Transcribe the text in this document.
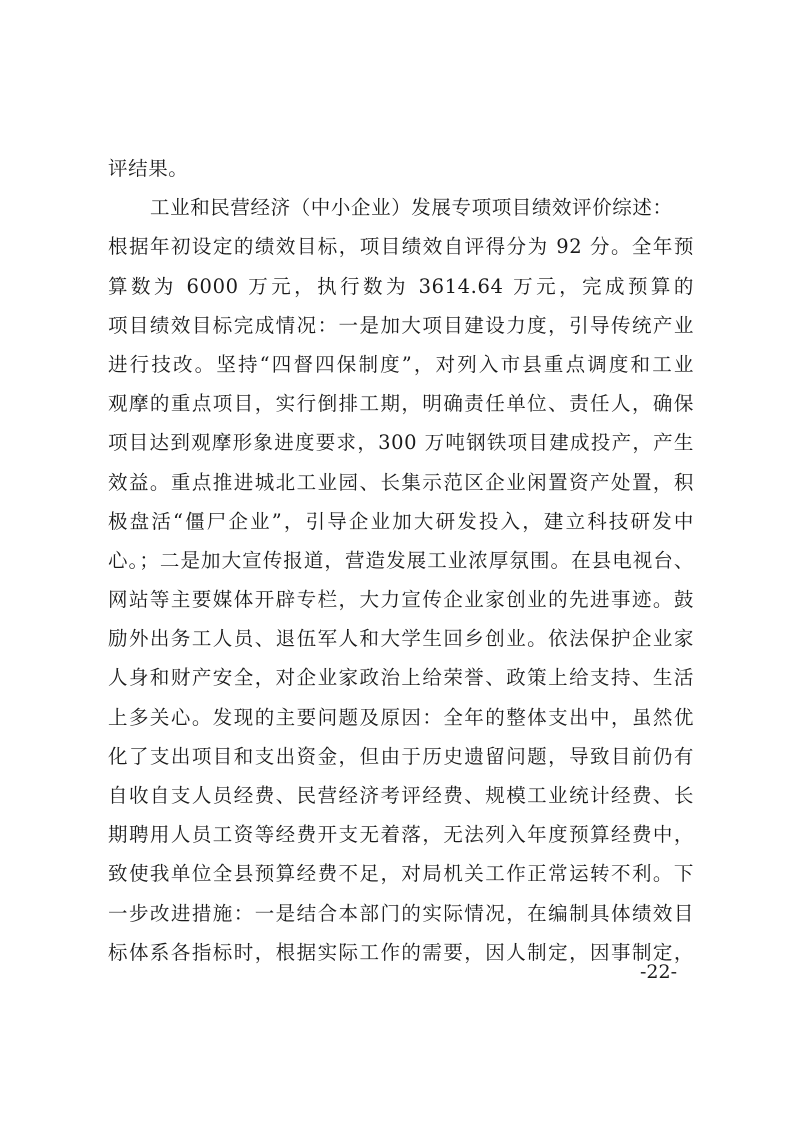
评结果。
工业和民营经济（中小企业）发展专项项目绩效评价综述：
根据年初设定的绩效目标，项目绩效自评得分为 92 分。全年预
算数为 6000 万元，执行数为 3614.64 万元，完成预算的
项目绩效目标完成情况：一是加大项目建设力度，引导传统产业
进行技改。坚持“四督四保制度”，对列入市县重点调度和工业
观摩的重点项目，实行倒排工期，明确责任单位、责任人，确保
项目达到观摩形象进度要求，300 万吨钢铁项目建成投产，产生
效益。重点推进城北工业园、长集示范区企业闲置资产处置，积
极盘活“僵尸企业”，引导企业加大研发投入，建立科技研发中
心。；二是加大宣传报道，营造发展工业浓厚氛围。在县电视台、
网站等主要媒体开辟专栏，大力宣传企业家创业的先进事迹。鼓
励外出务工人员、退伍军人和大学生回乡创业。依法保护企业家
人身和财产安全，对企业家政治上给荣誉、政策上给支持、生活
上多关心。发现的主要问题及原因：全年的整体支出中，虽然优
化了支出项目和支出资金，但由于历史遗留问题，导致目前仍有
自收自支人员经费、民营经济考评经费、规模工业统计经费、长
期聘用人员工资等经费开支无着落，无法列入年度预算经费中，
致使我单位全县预算经费不足，对局机关工作正常运转不利。下
一步改进措施：一是结合本部门的实际情况，在编制具体绩效目
标体系各指标时，根据实际工作的需要，因人制定，因事制定，
-22-
